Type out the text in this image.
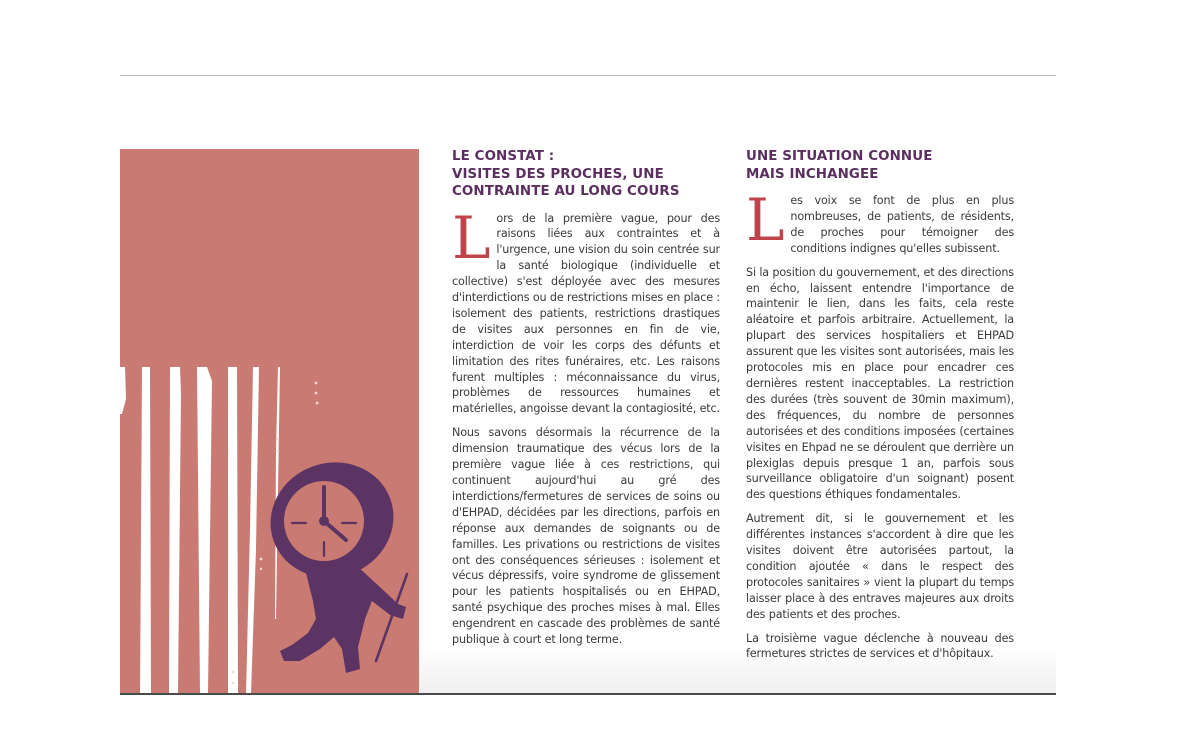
LE CONSTAT :
VISITES DES PROCHES, UNE
CONTRAINTE AU LONG COURS

Lors de la première vague, pour des raisons liées aux contraintes et à l'urgence, une vision du soin centrée sur la santé biologique (individuelle et collective) s'est déployée avec des mesures d'interdictions ou de restrictions mises en place : isolement des patients, restrictions drastiques de visites aux personnes en fin de vie, interdiction de voir les corps des défunts et limitation des rites funéraires, etc. Les raisons furent multiples : méconnaissance du virus, problèmes de ressources humaines et matérielles, angoisse devant la contagiosité, etc.

Nous savons désormais la récurrence de la dimension traumatique des vécus lors de la première vague liée à ces restrictions, qui continuent aujourd'hui au gré des interdictions/fermetures de services de soins ou d'EHPAD, décidées par les directions, parfois en réponse aux demandes de soignants ou de familles. Les privations ou restrictions de visites ont des conséquences sérieuses : isolement et vécus dépressifs, voire syndrome de glissement pour les patients hospitalisés ou en EHPAD, santé psychique des proches mises à mal. Elles engendrent en cascade des problèmes de santé publique à court et long terme.

UNE SITUATION CONNUE
MAIS INCHANGEE

Les voix se font de plus en plus nombreuses, de patients, de résidents, de proches pour témoigner des conditions indignes qu'elles subissent.

Si la position du gouvernement, et des directions en écho, laissent entendre l'importance de maintenir le lien, dans les faits, cela reste aléatoire et parfois arbitraire. Actuellement, la plupart des services hospitaliers et EHPAD assurent que les visites sont autorisées, mais les protocoles mis en place pour encadrer ces dernières restent inacceptables. La restriction des durées (très souvent de 30min maximum), des fréquences, du nombre de personnes autorisées et des conditions imposées (certaines visites en Ehpad ne se déroulent que derrière un plexiglas depuis presque 1 an, parfois sous surveillance obligatoire d'un soignant) posent des questions éthiques fondamentales.

Autrement dit, si le gouvernement et les différentes instances s'accordent à dire que les visites doivent être autorisées partout, la condition ajoutée « dans le respect des protocoles sanitaires » vient la plupart du temps laisser place à des entraves majeures aux droits des patients et des proches.

La troisième vague déclenche à nouveau des fermetures strictes de services et d'hôpitaux.
